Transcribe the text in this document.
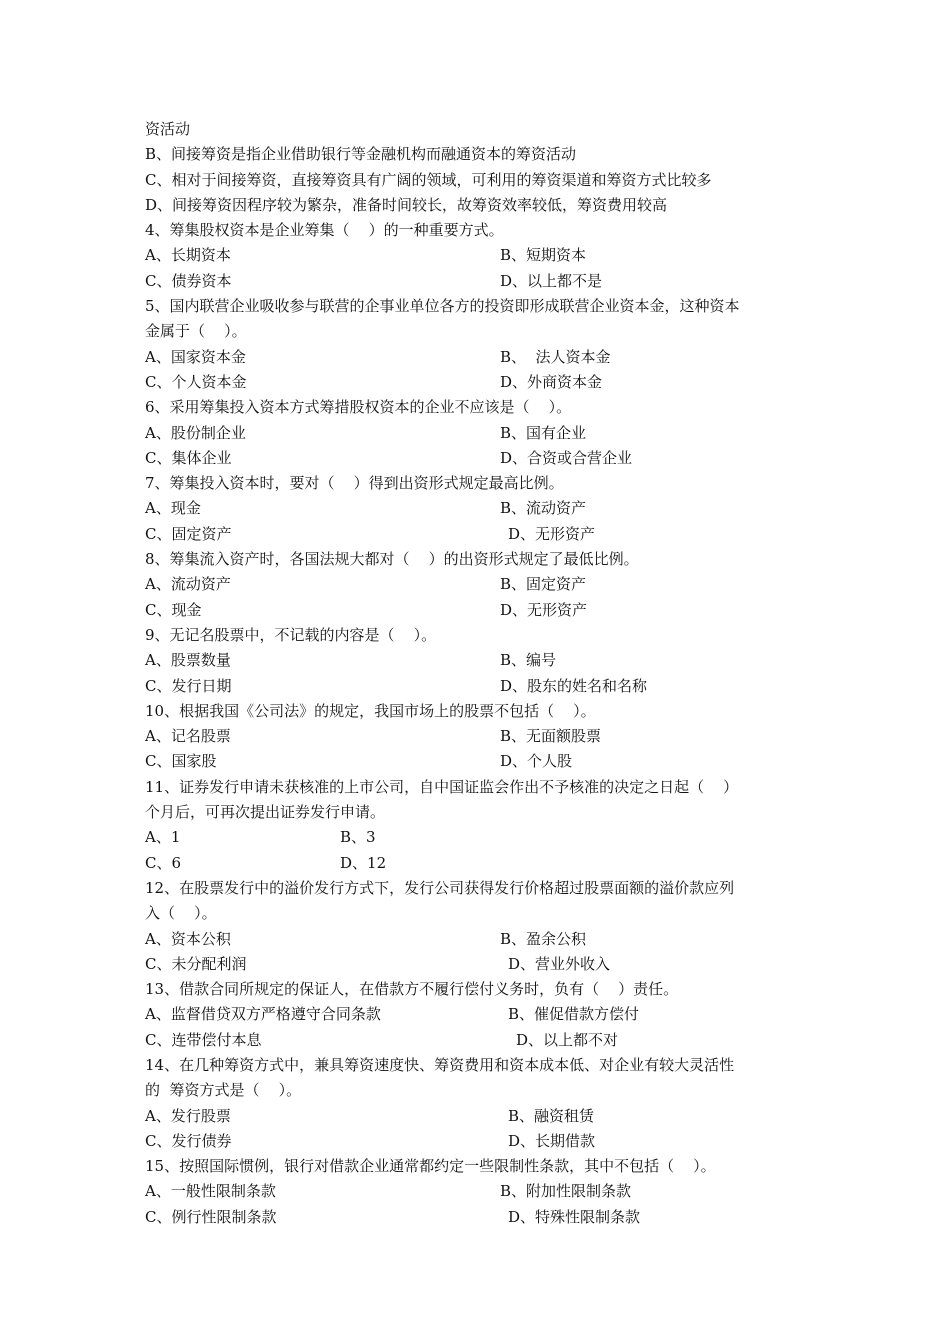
资活动
B、间接筹资是指企业借助银行等金融机构而融通资本的筹资活动
C、相对于间接筹资，直接筹资具有广阔的领域，可利用的筹资渠道和筹资方式比较多
D、间接筹资因程序较为繁杂，准备时间较长，故筹资效率较低，筹资费用较高
4、筹集股权资本是企业筹集（    ）的一种重要方式。
A、长期资本	B、短期资本
C、债券资本	D、以上都不是
5、国内联营企业吸收参与联营的企事业单位各方的投资即形成联营企业资本金，这种资本
金属于（    ）。
A、国家资本金	B、  法人资本金
C、个人资本金	D、外商资本金
6、采用筹集投入资本方式筹措股权资本的企业不应该是（    ）。
A、股份制企业	B、国有企业
C、集体企业	D、合资或合营企业
7、筹集投入资本时，要对（    ）得到出资形式规定最高比例。
A、现金	B、流动资产
C、固定资产	D、无形资产
8、筹集流入资产时，各国法规大都对（    ）的出资形式规定了最低比例。
A、流动资产	B、固定资产
C、现金	D、无形资产
9、无记名股票中，不记载的内容是（    ）。
A、股票数量	B、编号
C、发行日期	D、股东的姓名和名称
10、根据我国《公司法》的规定，我国市场上的股票不包括（    ）。
A、记名股票	B、无面额股票
C、国家股	D、个人股
11、证券发行申请未获核准的上市公司，自中国证监会作出不予核准的决定之日起（    ）
个月后，可再次提出证券发行申请。
A、1	B、3
C、6	D、12
12、在股票发行中的溢价发行方式下，发行公司获得发行价格超过股票面额的溢价款应列
入（    ）。
A、资本公积	B、盈余公积
C、未分配利润	D、营业外收入
13、借款合同所规定的保证人，在借款方不履行偿付义务时，负有（    ）责任。
A、监督借贷双方严格遵守合同条款	B、催促借款方偿付
C、连带偿付本息	D、以上都不对
14、在几种筹资方式中，兼具筹资速度快、筹资费用和资本成本低、对企业有较大灵活性
的  筹资方式是（    ）。
A、发行股票	B、融资租赁
C、发行债券	D、长期借款
15、按照国际惯例，银行对借款企业通常都约定一些限制性条款，其中不包括（    ）。
A、一般性限制条款	B、附加性限制条款
C、例行性限制条款	D、特殊性限制条款
